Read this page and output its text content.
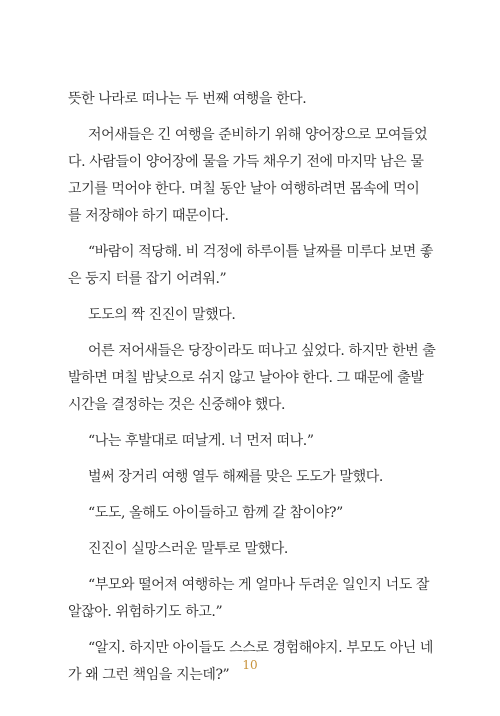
뜻한 나라로 떠나는 두 번째 여행을 한다.
저어새들은 긴 여행을 준비하기 위해 양어장으로 모여들었
다. 사람들이 양어장에 물을 가득 채우기 전에 마지막 남은 물
고기를 먹어야 한다. 며칠 동안 날아 여행하려면 몸속에 먹이
를 저장해야 하기 때문이다.
“바람이 적당해. 비 걱정에 하루이틀 날짜를 미루다 보면 좋
은 둥지 터를 잡기 어려워.”
도도의 짝 진진이 말했다.
어른 저어새들은 당장이라도 떠나고 싶었다. 하지만 한번 출
발하면 며칠 밤낮으로 쉬지 않고 날아야 한다. 그 때문에 출발
시간을 결정하는 것은 신중해야 했다.
“나는 후발대로 떠날게. 너 먼저 떠나.”
벌써 장거리 여행 열두 해째를 맞은 도도가 말했다.
“도도, 올해도 아이들하고 함께 갈 참이야?”
진진이 실망스러운 말투로 말했다.
“부모와 떨어져 여행하는 게 얼마나 두려운 일인지 너도 잘
알잖아. 위험하기도 하고.”
“알지. 하지만 아이들도 스스로 경험해야지. 부모도 아닌 네
가 왜 그런 책임을 지는데?”
10
